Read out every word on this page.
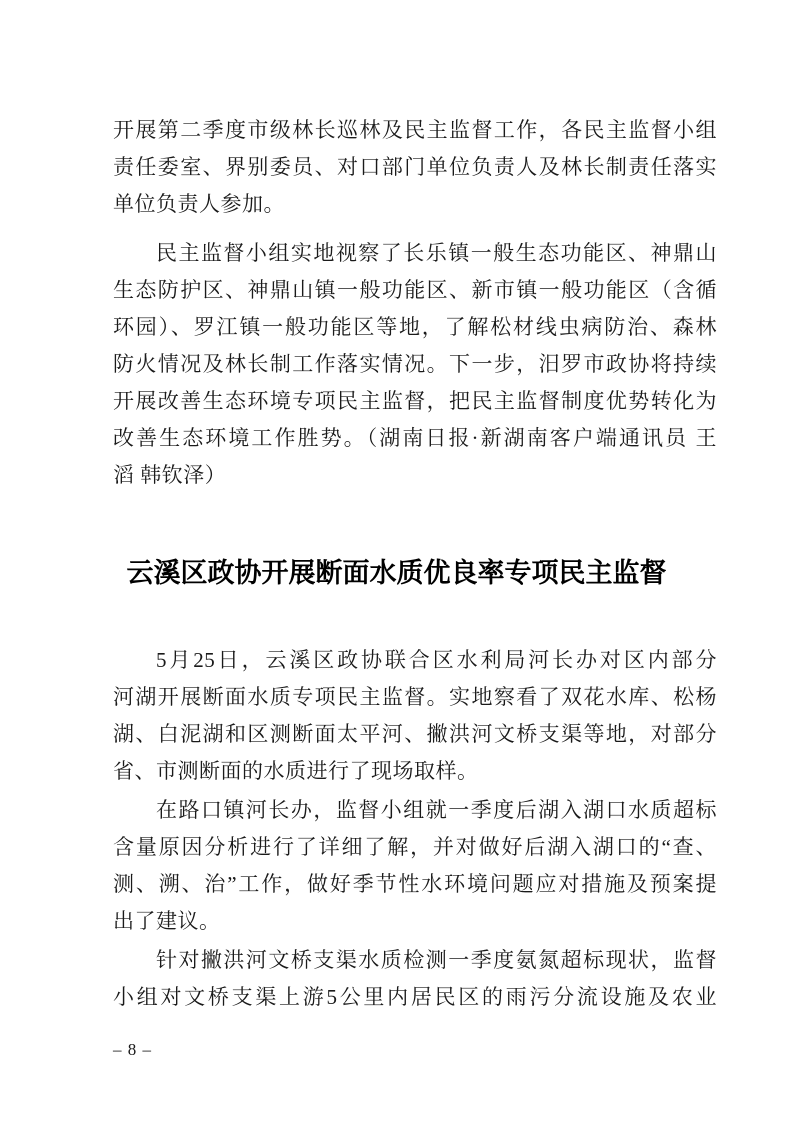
开展第二季度市级林长巡林及民主监督工作，各民主监督小组
责任委室、界别委员、对口部门单位负责人及林长制责任落实
单位负责人参加。
民主监督小组实地视察了长乐镇一般生态功能区、神鼎山
生态防护区、神鼎山镇一般功能区、新市镇一般功能区（含循
环园）、罗江镇一般功能区等地，了解松材线虫病防治、森林
防火情况及林长制工作落实情况。下一步，汨罗市政协将持续
开展改善生态环境专项民主监督，把民主监督制度优势转化为
改善生态环境工作胜势。（湖南日报·新湖南客户端通讯员 王
滔 韩钦泽）
云溪区政协开展断面水质优良率专项民主监督
5月25日，云溪区政协联合区水利局河长办对区内部分
河湖开展断面水质专项民主监督。实地察看了双花水库、松杨
湖、白泥湖和区测断面太平河、撇洪河文桥支渠等地，对部分
省、市测断面的水质进行了现场取样。
在路口镇河长办，监督小组就一季度后湖入湖口水质超标
含量原因分析进行了详细了解，并对做好后湖入湖口的“查、
测、溯、治”工作，做好季节性水环境问题应对措施及预案提
出了建议。
针对撇洪河文桥支渠水质检测一季度氨氮超标现状，监督
小组对文桥支渠上游5公里内居民区的雨污分流设施及农业
– 8 –
